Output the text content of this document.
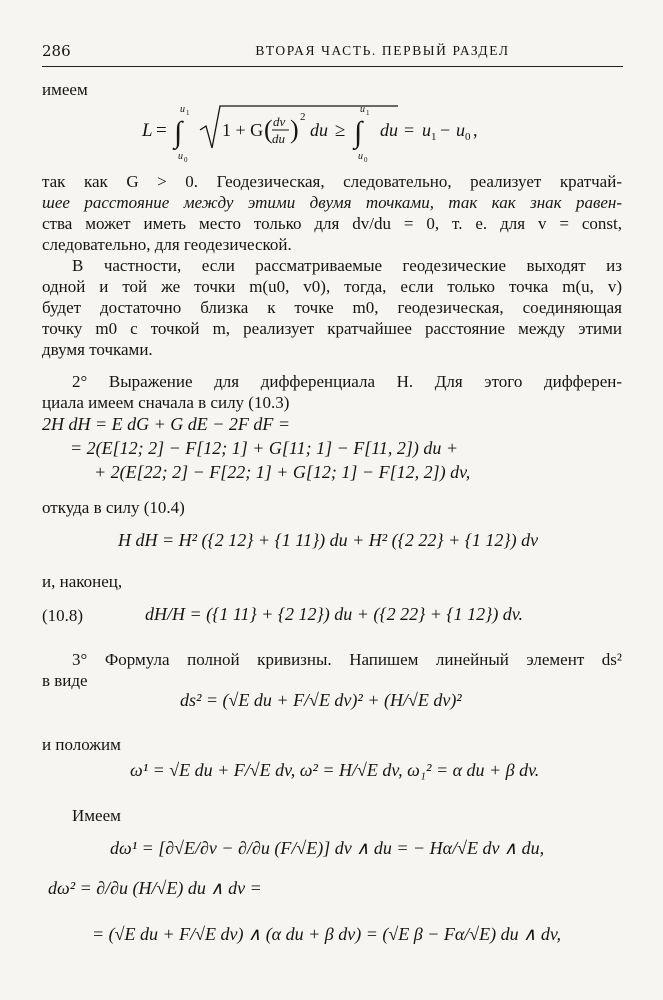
286	ВТОРАЯ ЧАСТЬ. ПЕРВЫЙ РАЗДЕЛ
имеем
L = ∫
u 1
u 0
1 + G ( dv
du ) 2
du ≥ ∫
u 1
u 0
du = u 1 − u 0 ,
так как G > 0. Геодезическая, следовательно, реализует кратчай-
шее расстояние между этими двумя точками, так как знак равен-
ства может иметь место только для dv/du = 0, т. е. для v = const,
следовательно, для геодезической.
В частности, если рассматриваемые геодезические выходят из
одной и той же точки m(u0, v0), тогда, если только точка m(u, v)
будет достаточно близка к точке m0, геодезическая, соединяющая
точку m0 с точкой m, реализует кратчайшее расстояние между этими
двумя точками.
2° Выражение для дифференциала H. Для этого дифферен-
циала имеем сначала в силу (10.3)
2H dH = E dG + G dE − 2F dF =
= 2(E[12; 2] − F[12; 1] + G[11; 1] − F[11, 2]) du +
+ 2(E[22; 2] − F[22; 1] + G[12; 1] − F[12, 2]) dv,
откуда в силу (10.4)
H dH = H² ({2 12} + {1 11}) du + H² ({2 22} + {1 12}) dv
и, наконец,
(10.8)	dH/H = ({1 11} + {2 12}) du + ({2 22} + {1 12}) dv.
3° Формула полной кривизны. Напишем линейный элемент ds²
в виде
ds² = (√E du + F/√E dv)² + (H/√E dv)²
и положим
ω¹ = √E du + F/√E dv, ω² = H/√E dv, ω₁² = α du + β dv.
Имеем
dω¹ = [∂√E/∂v − ∂/∂u (F/√E)] dv ∧ du = − Hα/√E dv ∧ du,
dω² = ∂/∂u (H/√E) du ∧ dv =
= (√E du + F/√E dv) ∧ (α du + β dv) = (√E β − Fα/√E) du ∧ dv,
